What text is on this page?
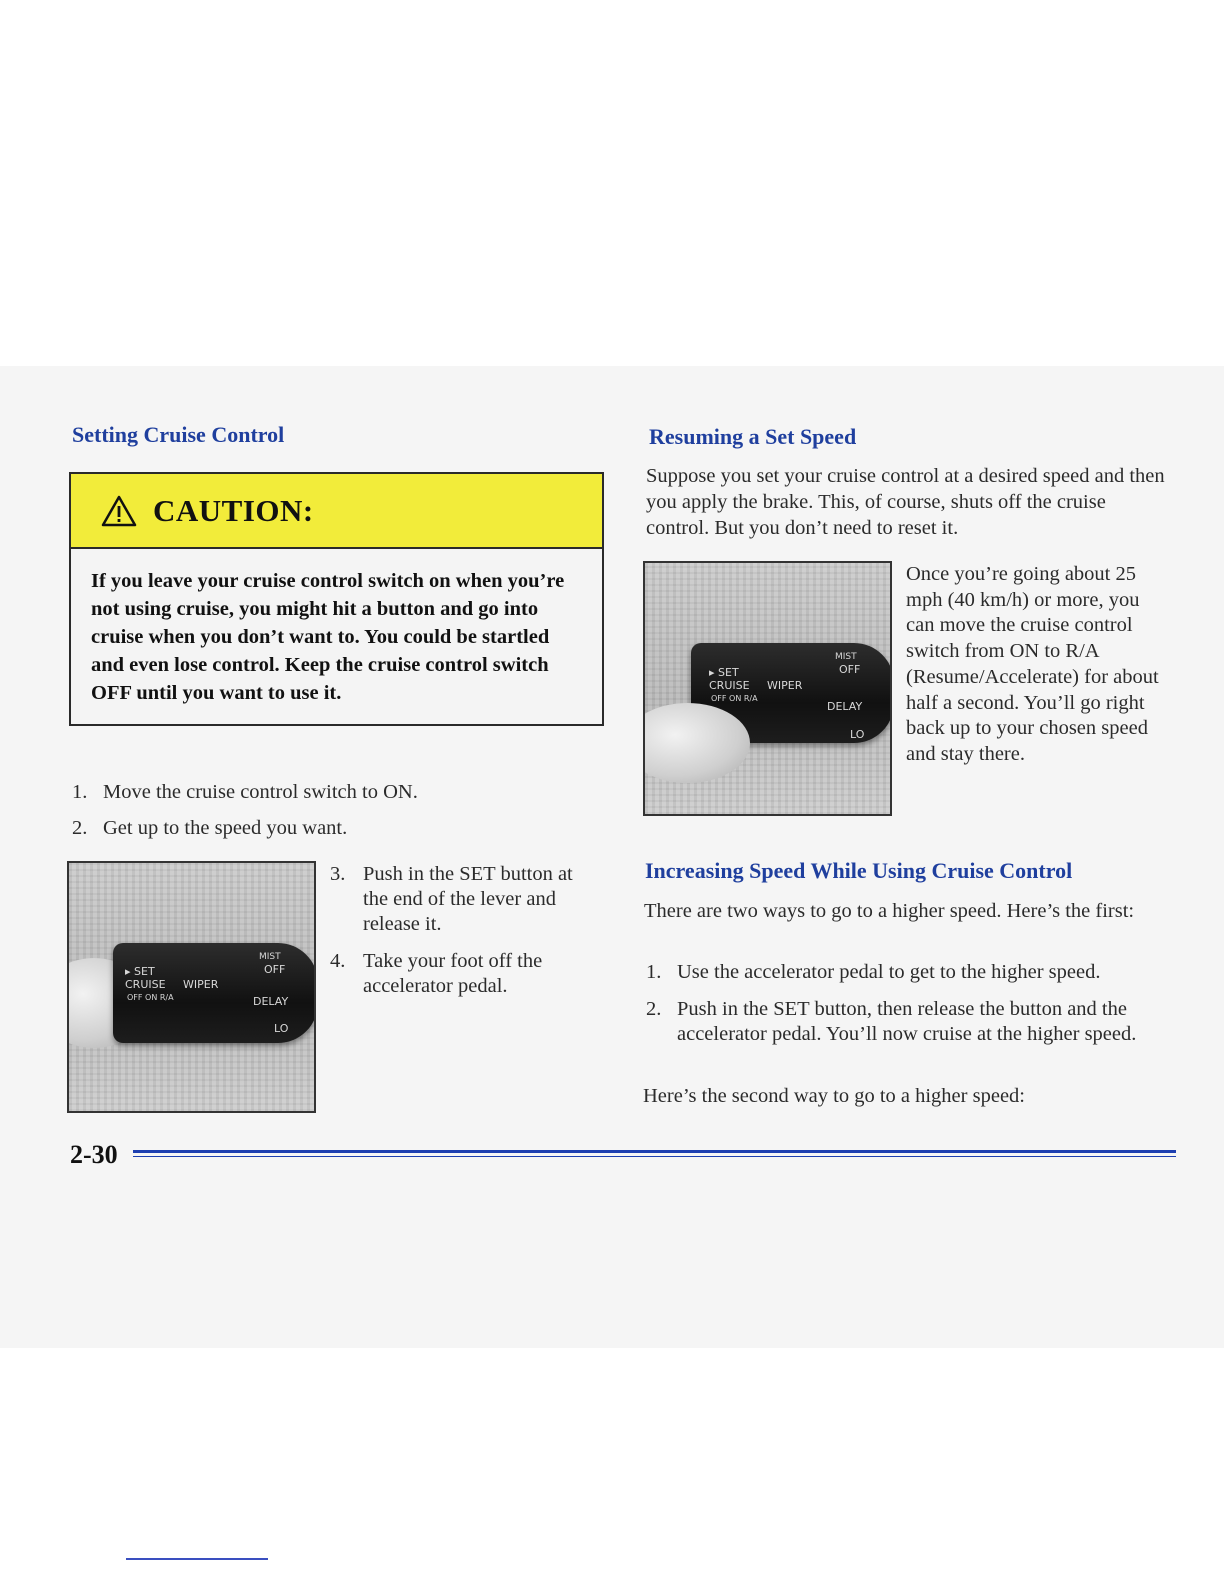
Setting Cruise Control
CAUTION:

If you leave your cruise control switch on when you’re not using cruise, you might hit a button and go into cruise when you don’t want to. You could be startled and even lose control. Keep the cruise control switch OFF until you want to use it.

1. Move the cruise control switch to ON.
2. Get up to the speed you want.
▸ SET
CRUISE WIPER
OFF ON R/A
MIST
OFF
DELAY
LO
3. Push in the SET button at the end of the lever and release it.
4. Take your foot off the accelerator pedal.
Resuming a Set Speed

Suppose you set your cruise control at a desired speed and then you apply the brake. This, of course, shuts off the cruise control. But you don’t need to reset it.

▸ SET
CRUISE WIPER
OFF ON R/A
MIST
OFF
DELAY
LO

Once you’re going about 25 mph (40 km/h) or more, you can move the cruise control switch from ON to R/A (Resume/Accelerate) for about half a second. You’ll go right back up to your chosen speed and stay there.

Increasing Speed While Using Cruise Control

There are two ways to go to a higher speed. Here’s the first:

1. Use the accelerator pedal to get to the higher speed.
2. Push in the SET button, then release the button and the accelerator pedal. You’ll now cruise at the higher speed.

Here’s the second way to go to a higher speed:

2-30
